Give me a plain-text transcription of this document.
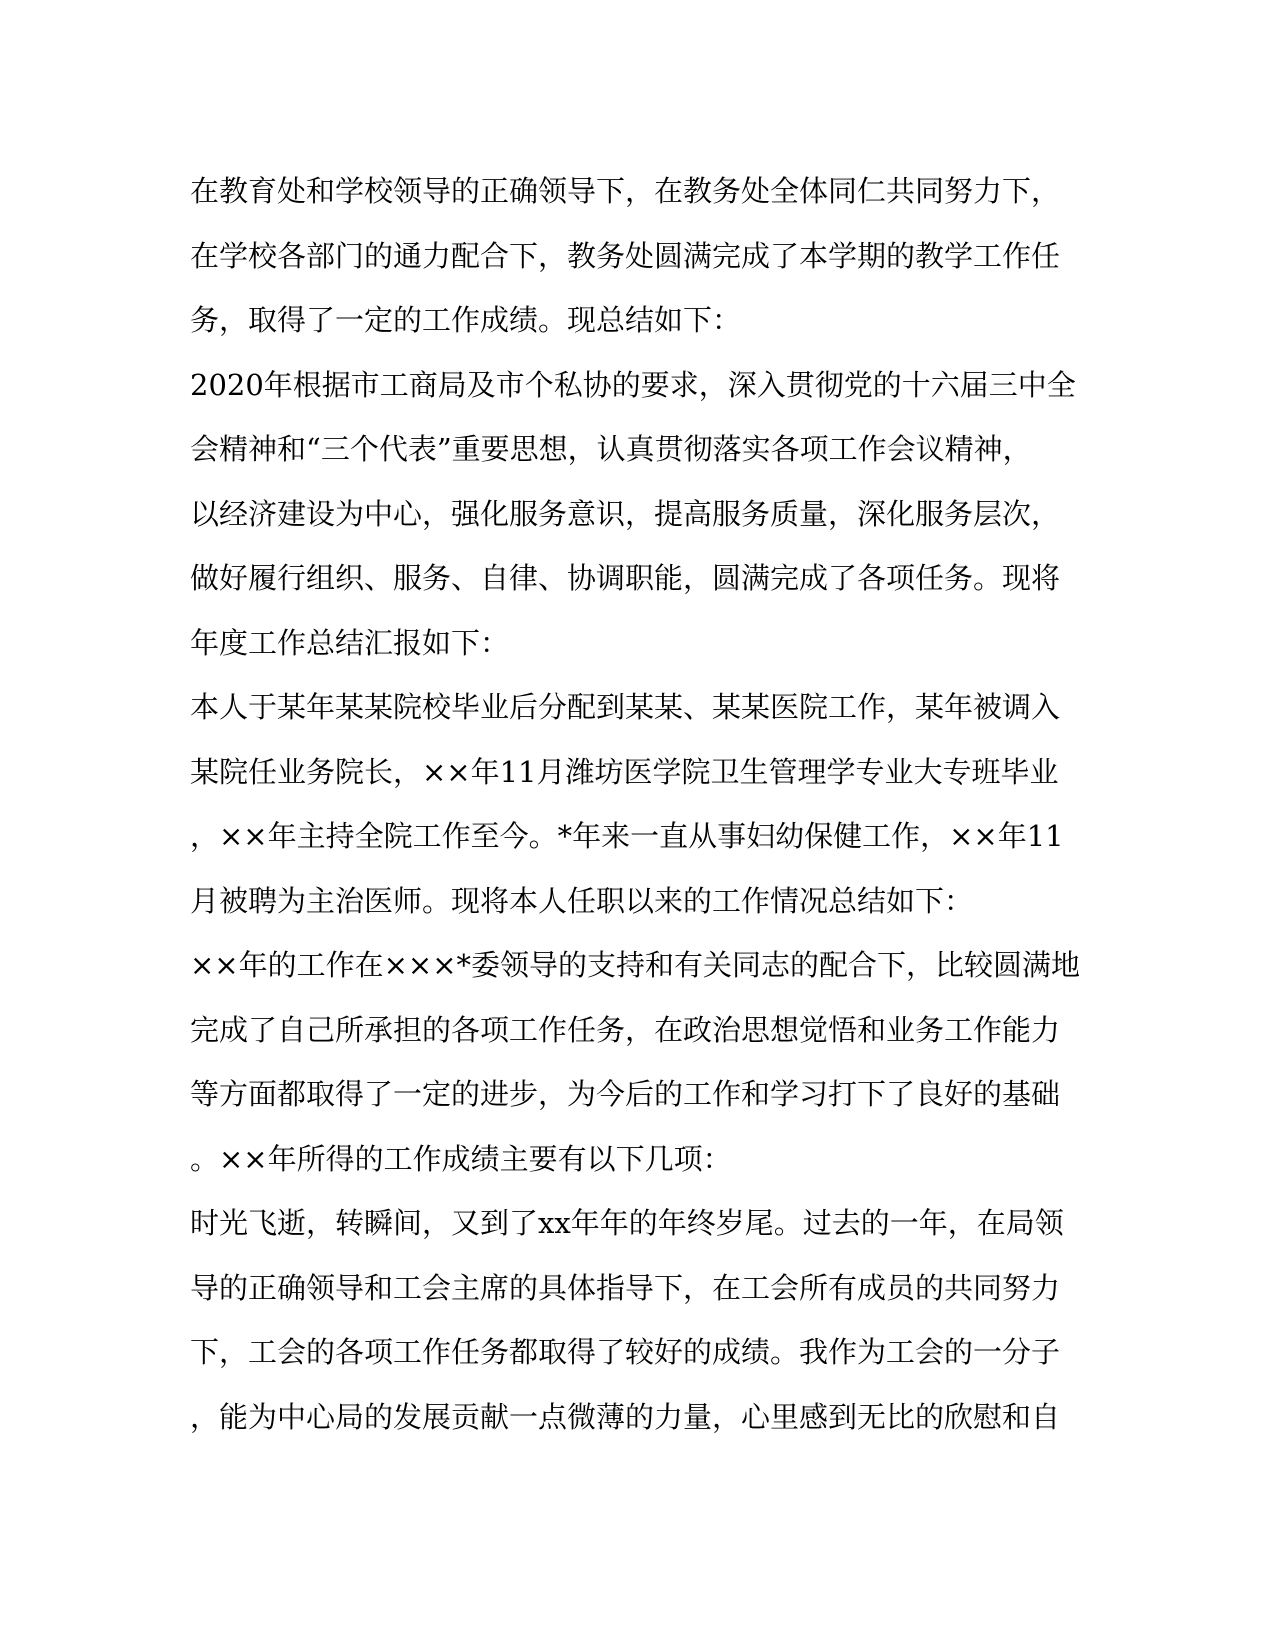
在教育处和学校领导的正确领导下，在教务处全体同仁共同努力下，
在学校各部门的通力配合下，教务处圆满完成了本学期的教学工作任
务，取得了一定的工作成绩。现总结如下：
2020年根据市工商局及市个私协的要求，深入贯彻党的十六届三中全
会精神和“三个代表”重要思想，认真贯彻落实各项工作会议精神，
以经济建设为中心，强化服务意识，提高服务质量，深化服务层次，
做好履行组织、服务、自律、协调职能，圆满完成了各项任务。现将
年度工作总结汇报如下：
本人于某年某某院校毕业后分配到某某、某某医院工作，某年被调入
某院任业务院长，××年11月潍坊医学院卫生管理学专业大专班毕业
，××年主持全院工作至今。*年来一直从事妇幼保健工作，××年11
月被聘为主治医师。现将本人任职以来的工作情况总结如下：
××年的工作在×××*委领导的支持和有关同志的配合下，比较圆满地
完成了自己所承担的各项工作任务，在政治思想觉悟和业务工作能力
等方面都取得了一定的进步，为今后的工作和学习打下了良好的基础
。××年所得的工作成绩主要有以下几项：
时光飞逝，转瞬间，又到了xx年年的年终岁尾。过去的一年，在局领
导的正确领导和工会主席的具体指导下，在工会所有成员的共同努力
下，工会的各项工作任务都取得了较好的成绩。我作为工会的一分子
，能为中心局的发展贡献一点微薄的力量，心里感到无比的欣慰和自
